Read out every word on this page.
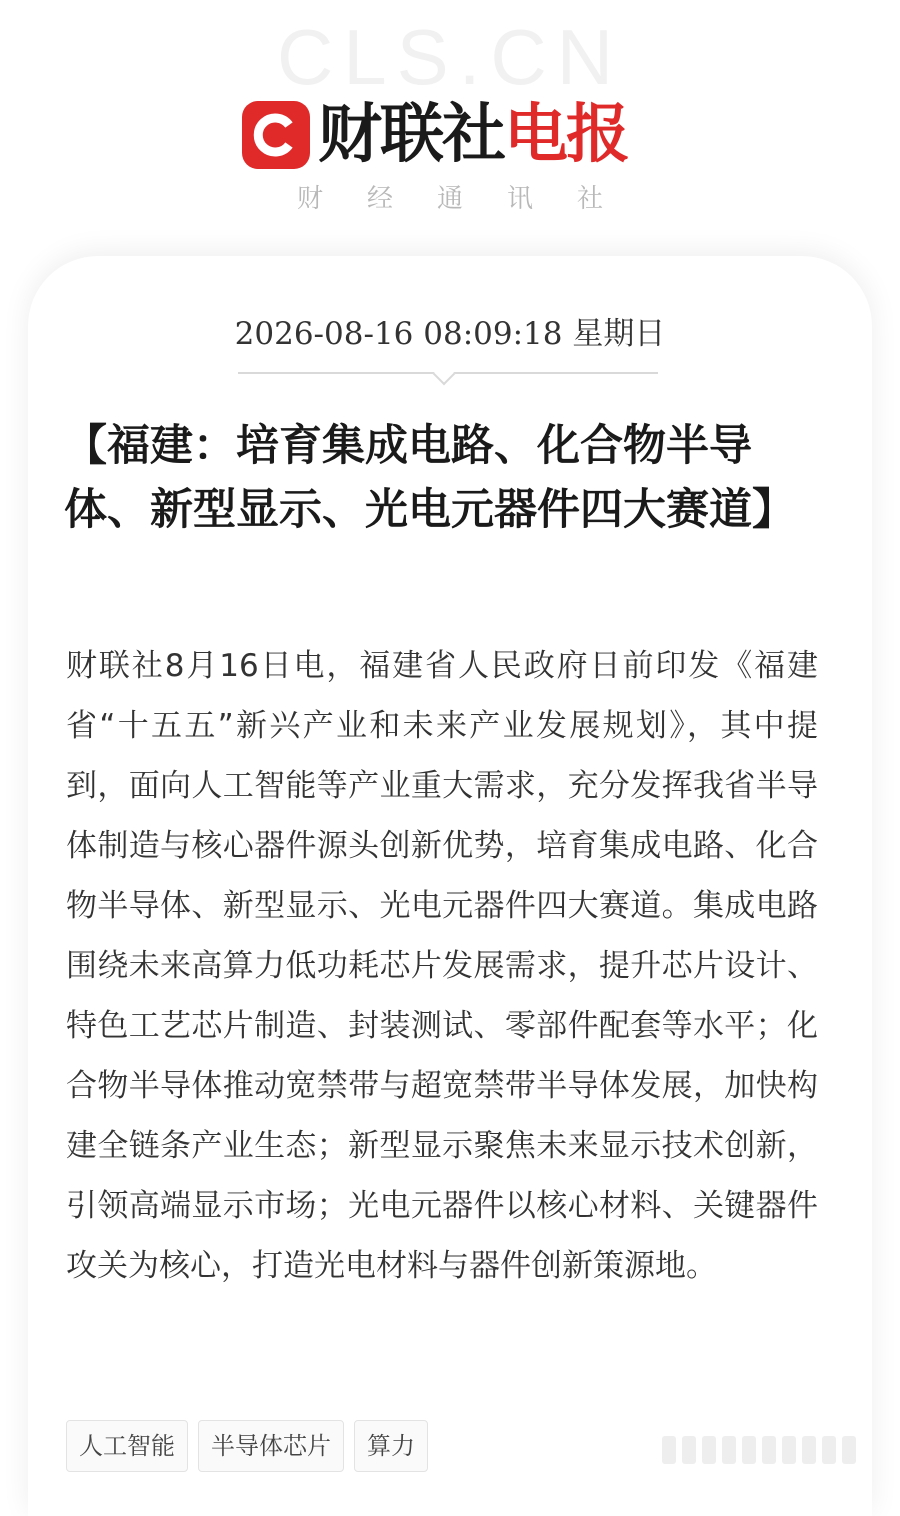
CLS.CN
财联社 电报
财经通讯社
2026-08-16 08:09:18 星期日
【福建：培育集成电路、化合物半导体、新型显示、光电元器件四大赛道】

财联社8月16日电，福建省人民政府日前印发《福建省“十五五”新兴产业和未来产业发展规划》，其中提到，面向人工智能等产业重大需求，充分发挥我省半导体制造与核心器件源头创新优势，培育集成电路、化合物半导体、新型显示、光电元器件四大赛道。集成电路围绕未来高算力低功耗芯片发展需求，提升芯片设计、特色工艺芯片制造、封装测试、零部件配套等水平；化合物半导体推动宽禁带与超宽禁带半导体发展，加快构建全链条产业生态；新型显示聚焦未来显示技术创新，引领高端显示市场；光电元器件以核心材料、关键器件攻关为核心，打造光电材料与器件创新策源地。

人工智能	半导体芯片	算力
